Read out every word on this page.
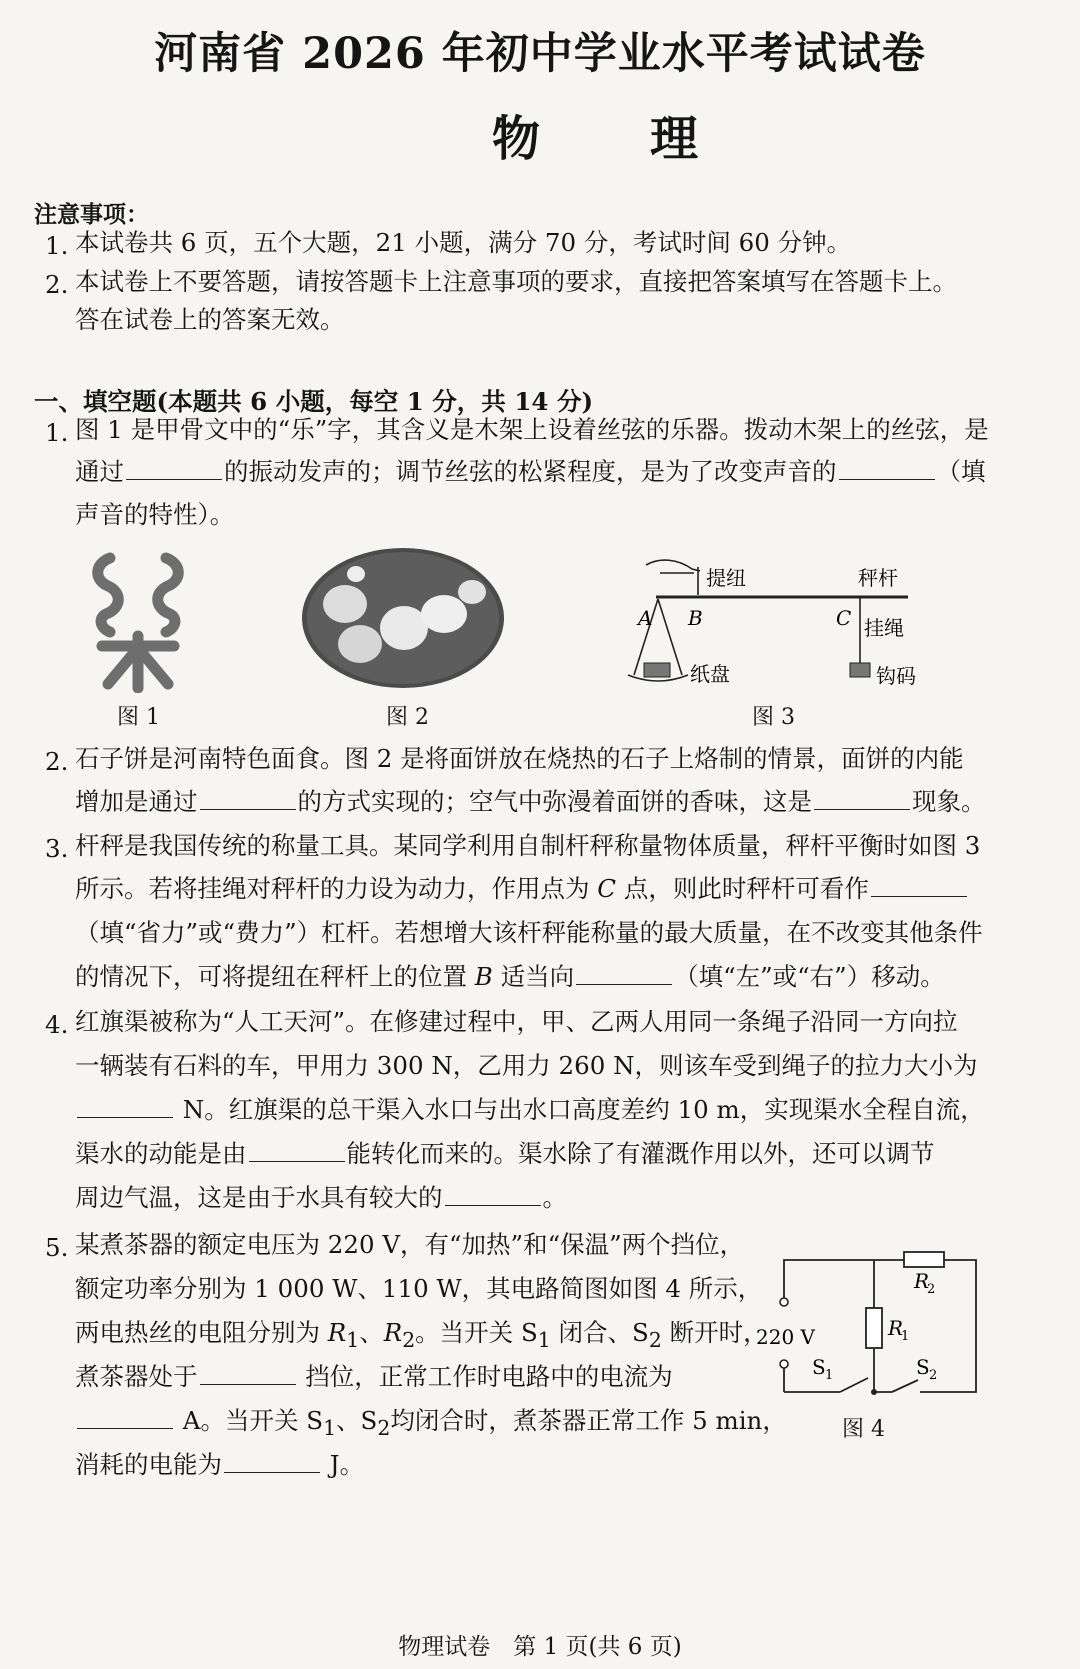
河南省 2026 年初中学业水平考试试卷
物理
注意事项：
1. 本试卷共 6 页，五个大题，21 小题，满分 70 分，考试时间 60 分钟。
2. 本试卷上不要答题，请按答题卡上注意事项的要求，直接把答案填写在答题卡上。
答在试卷上的答案无效。
一、填空题(本题共 6 小题，每空 1 分，共 14 分)
1. 图 1 是甲骨文中的“乐”字，其含义是木架上设着丝弦的乐器。拨动木架上的丝弦，是
通过	的振动发声的；调节丝弦的松紧程度，是为了改变声音的	（填
声音的特性）。
图 1	图 2
提纽	秤杆
A B	C 挂绳
纸盘	钩码
图 3
2. 石子饼是河南特色面食。图 2 是将面饼放在烧热的石子上烙制的情景，面饼的内能
增加是通过	的方式实现的；空气中弥漫着面饼的香味，这是	现象。
3. 杆秤是我国传统的称量工具。某同学利用自制杆秤称量物体质量，秤杆平衡时如图 3
所示。若将挂绳对秤杆的力设为动力，作用点为 C 点，则此时秤杆可看作
（填“省力”或“费力”）杠杆。若想增大该杆秤能称量的最大质量，在不改变其他条件
的情况下，可将提纽在秤杆上的位置 B 适当向	（填“左”或“右”）移动。
4. 红旗渠被称为“人工天河”。在修建过程中，甲、乙两人用同一条绳子沿同一方向拉
一辆装有石料的车，甲用力 300 N，乙用力 260 N，则该车受到绳子的拉力大小为
N。红旗渠的总干渠入水口与出水口高度差约 10 m，实现渠水全程自流，
渠水的动能是由	能转化而来的。渠水除了有灌溉作用以外，还可以调节
周边气温，这是由于水具有较大的	。
5. 某煮茶器的额定电压为 220 V，有“加热”和“保温”两个挡位，
额定功率分别为 1 000 W、110 W，其电路简图如图 4 所示，
两电热丝的电阻分别为 $R_1$、$R_2$。当开关 $S_1$ 闭合、$S_2$ 断开时，
煮茶器处于	挡位，正常工作时电路中的电流为
A。当开关 $S_1$、$S_2$均闭合时，煮茶器正常工作 5 min，
消耗的电能为	J。
220 V	R
1
R
2
S 1	S 2
图 4
物理试卷　第 1 页(共 6 页)
